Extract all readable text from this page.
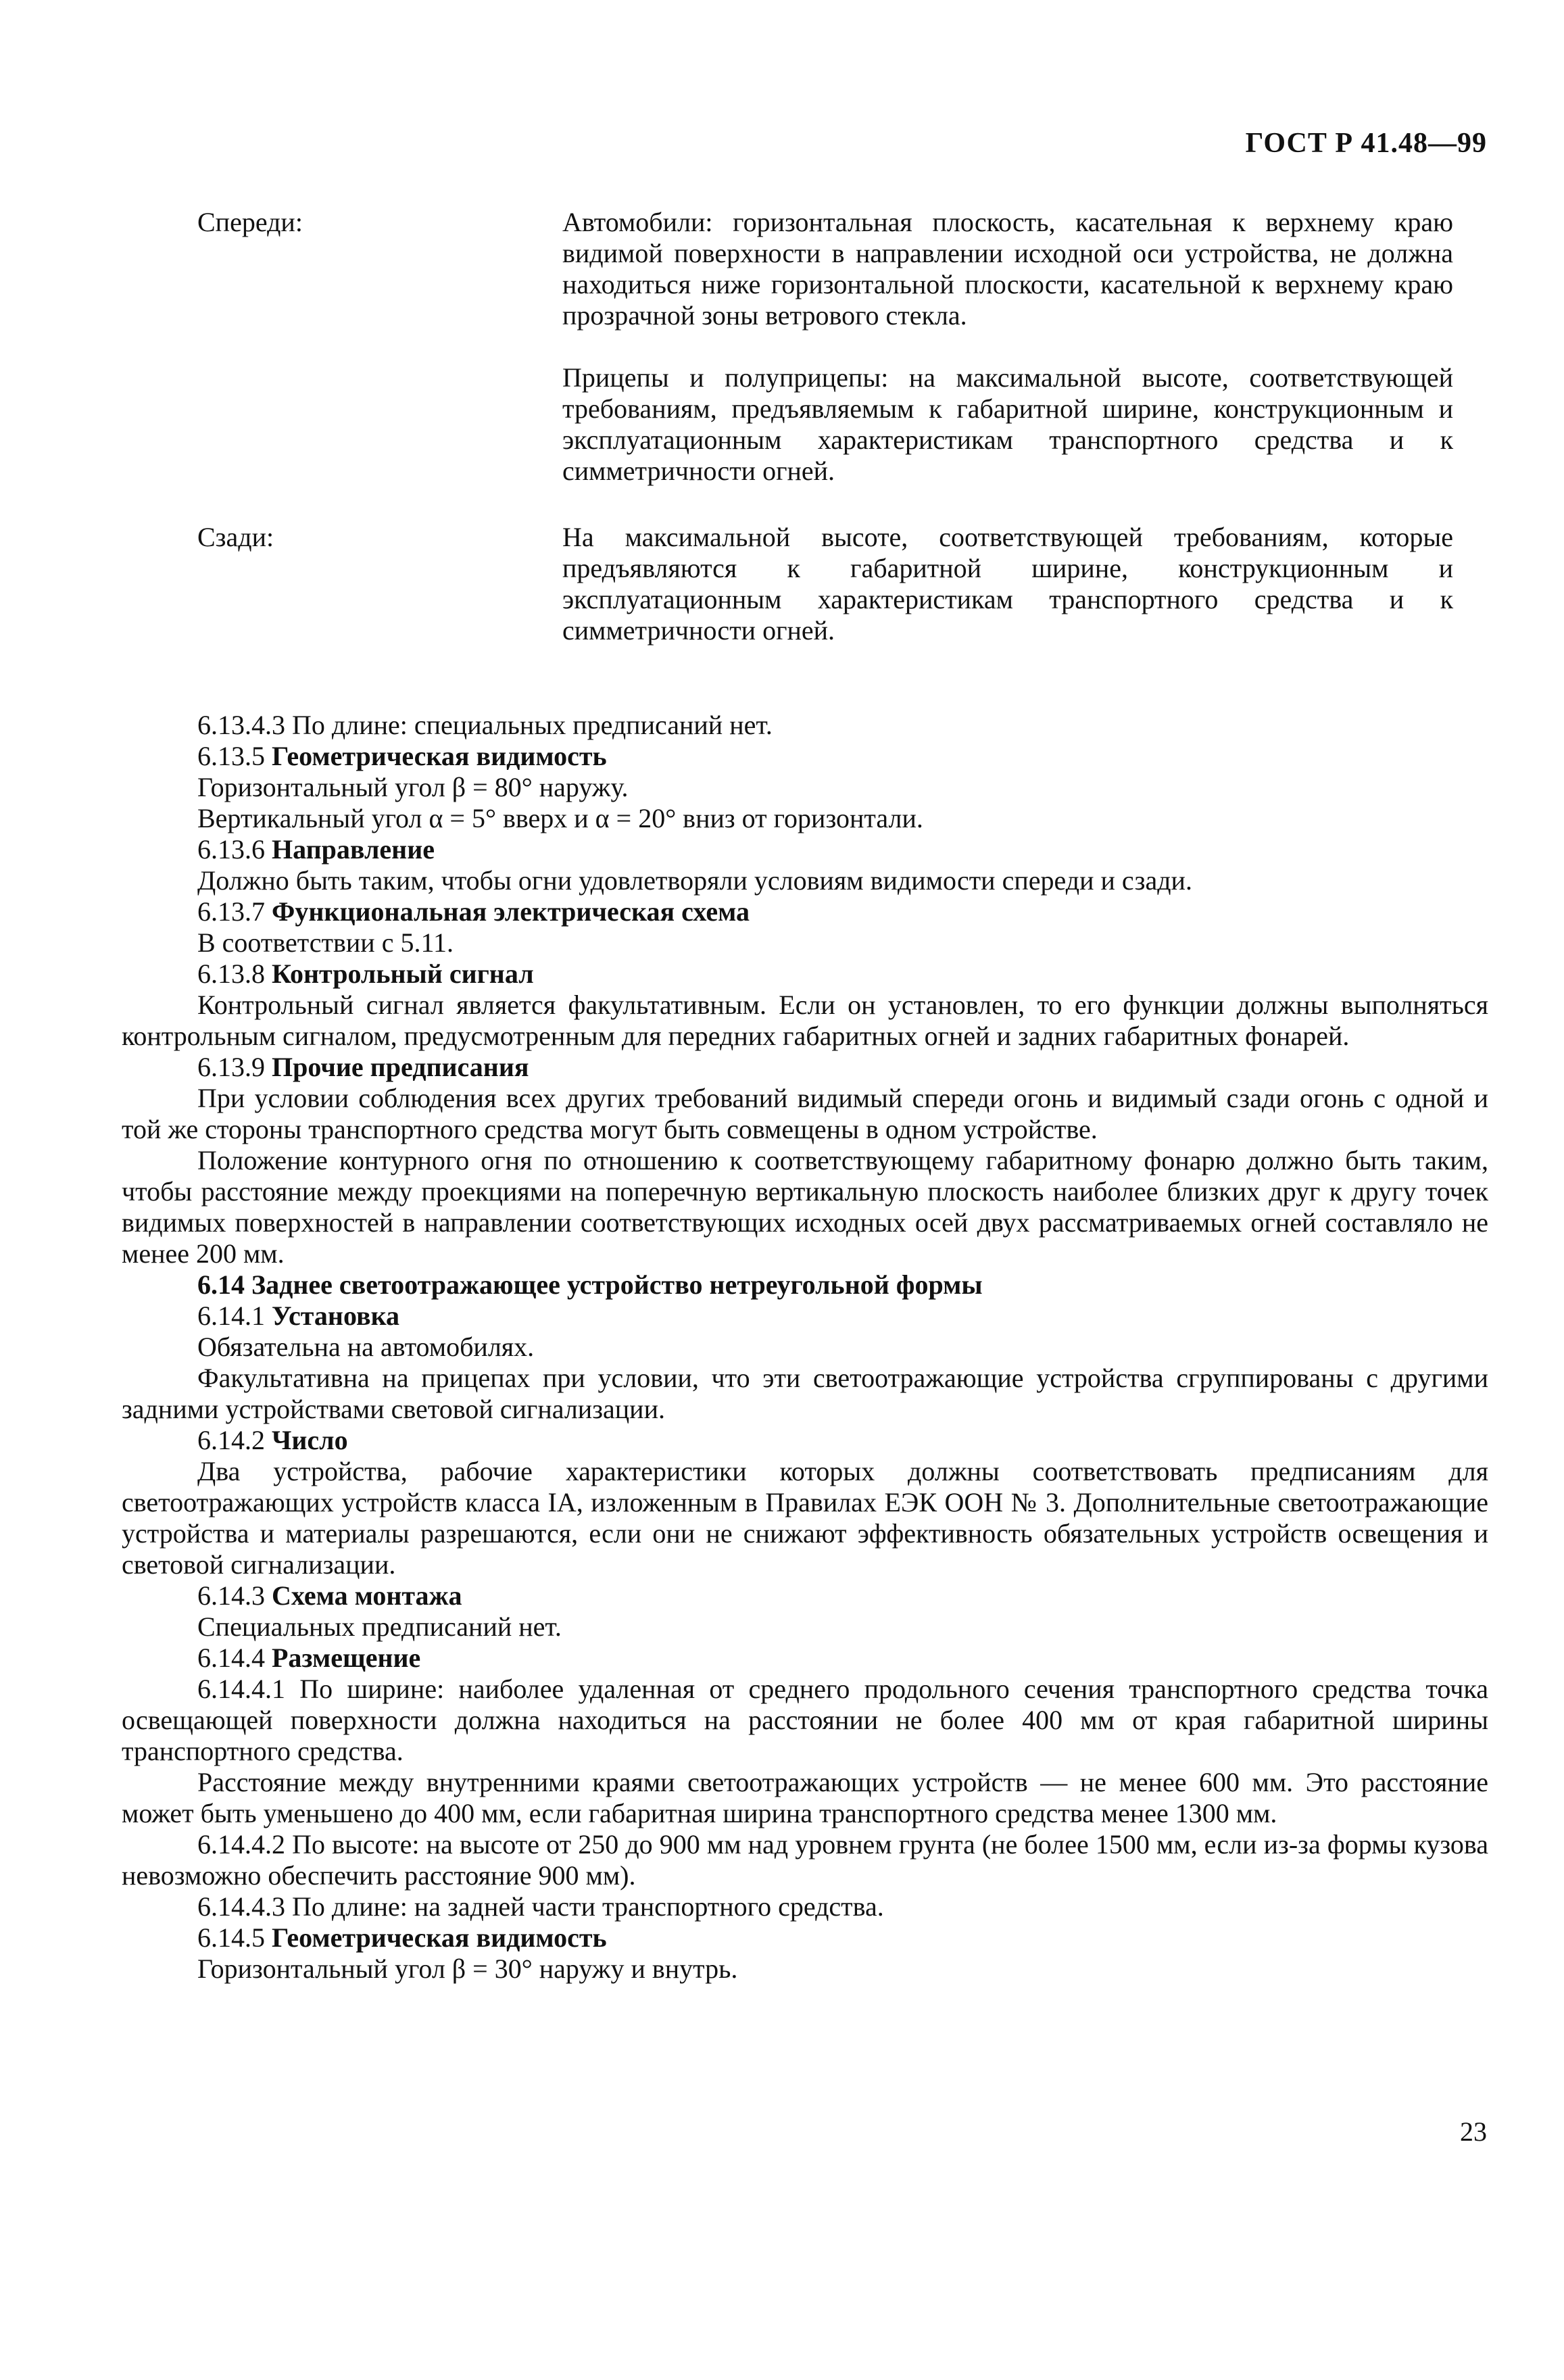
ГОСТ Р 41.48—99
Спереди:	Автомобили: горизонтальная плоскость, касательная к верхнему краю видимой поверхности в направлении исходной оси устройства, не должна находиться ниже горизонтальной плоскости, касательной к верхнему краю прозрачной зоны ветрового стекла.
Прицепы и полуприцепы: на максимальной высоте, соответствующей требованиям, предъявляемым к габаритной ширине, конструкционным и эксплуатационным характеристикам транспортного средства и к симметричности огней.
Сзади:	На максимальной высоте, соответствующей требованиям, которые предъявляются к габаритной ширине, конструкционным и эксплуатационным характеристикам транспортного средства и к симметричности огней.

6.13.4.3 По длине: специальных предписаний нет.

6.13.5 Геометрическая видимость

Горизонтальный угол β = 80° наружу.

Вертикальный угол α = 5° вверх и α = 20° вниз от горизонтали.

6.13.6 Направление

Должно быть таким, чтобы огни удовлетворяли условиям видимости спереди и сзади.

6.13.7 Функциональная электрическая схема

В соответствии с 5.11.

6.13.8 Контрольный сигнал

Контрольный сигнал является факультативным. Если он установлен, то его функции должны выполняться контрольным сигналом, предусмотренным для передних габаритных огней и задних габаритных фонарей.

6.13.9 Прочие предписания

При условии соблюдения всех других требований видимый спереди огонь и видимый сзади огонь с одной и той же стороны транспортного средства могут быть совмещены в одном устройстве.

Положение контурного огня по отношению к соответствующему габаритному фонарю должно быть таким, чтобы расстояние между проекциями на поперечную вертикальную плоскость наиболее близких друг к другу точек видимых поверхностей в направлении соответствующих исходных осей двух рассматриваемых огней составляло не менее 200 мм.

6.14 Заднее светоотражающее устройство нетреугольной формы

6.14.1 Установка

Обязательна на автомобилях.

Факультативна на прицепах при условии, что эти светоотражающие устройства сгруппированы с другими задними устройствами световой сигнализации.

6.14.2 Число

Два устройства, рабочие характеристики которых должны соответствовать предписаниям для светоотражающих устройств класса IA, изложенным в Правилах ЕЭК ООН № 3. Дополнительные светоотражающие устройства и материалы разрешаются, если они не снижают эффективность обязательных устройств освещения и световой сигнализации.

6.14.3 Схема монтажа

Специальных предписаний нет.

6.14.4 Размещение

6.14.4.1 По ширине: наиболее удаленная от среднего продольного сечения транспортного средства точка освещающей поверхности должна находиться на расстоянии не более 400 мм от края габаритной ширины транспортного средства.

Расстояние между внутренними краями светоотражающих устройств — не менее 600 мм. Это расстояние может быть уменьшено до 400 мм, если габаритная ширина транспортного средства менее 1300 мм.

6.14.4.2 По высоте: на высоте от 250 до 900 мм над уровнем грунта (не более 1500 мм, если из-за формы кузова невозможно обеспечить расстояние 900 мм).

6.14.4.3 По длине: на задней части транспортного средства.

6.14.5 Геометрическая видимость

Горизонтальный угол β = 30° наружу и внутрь.

23
